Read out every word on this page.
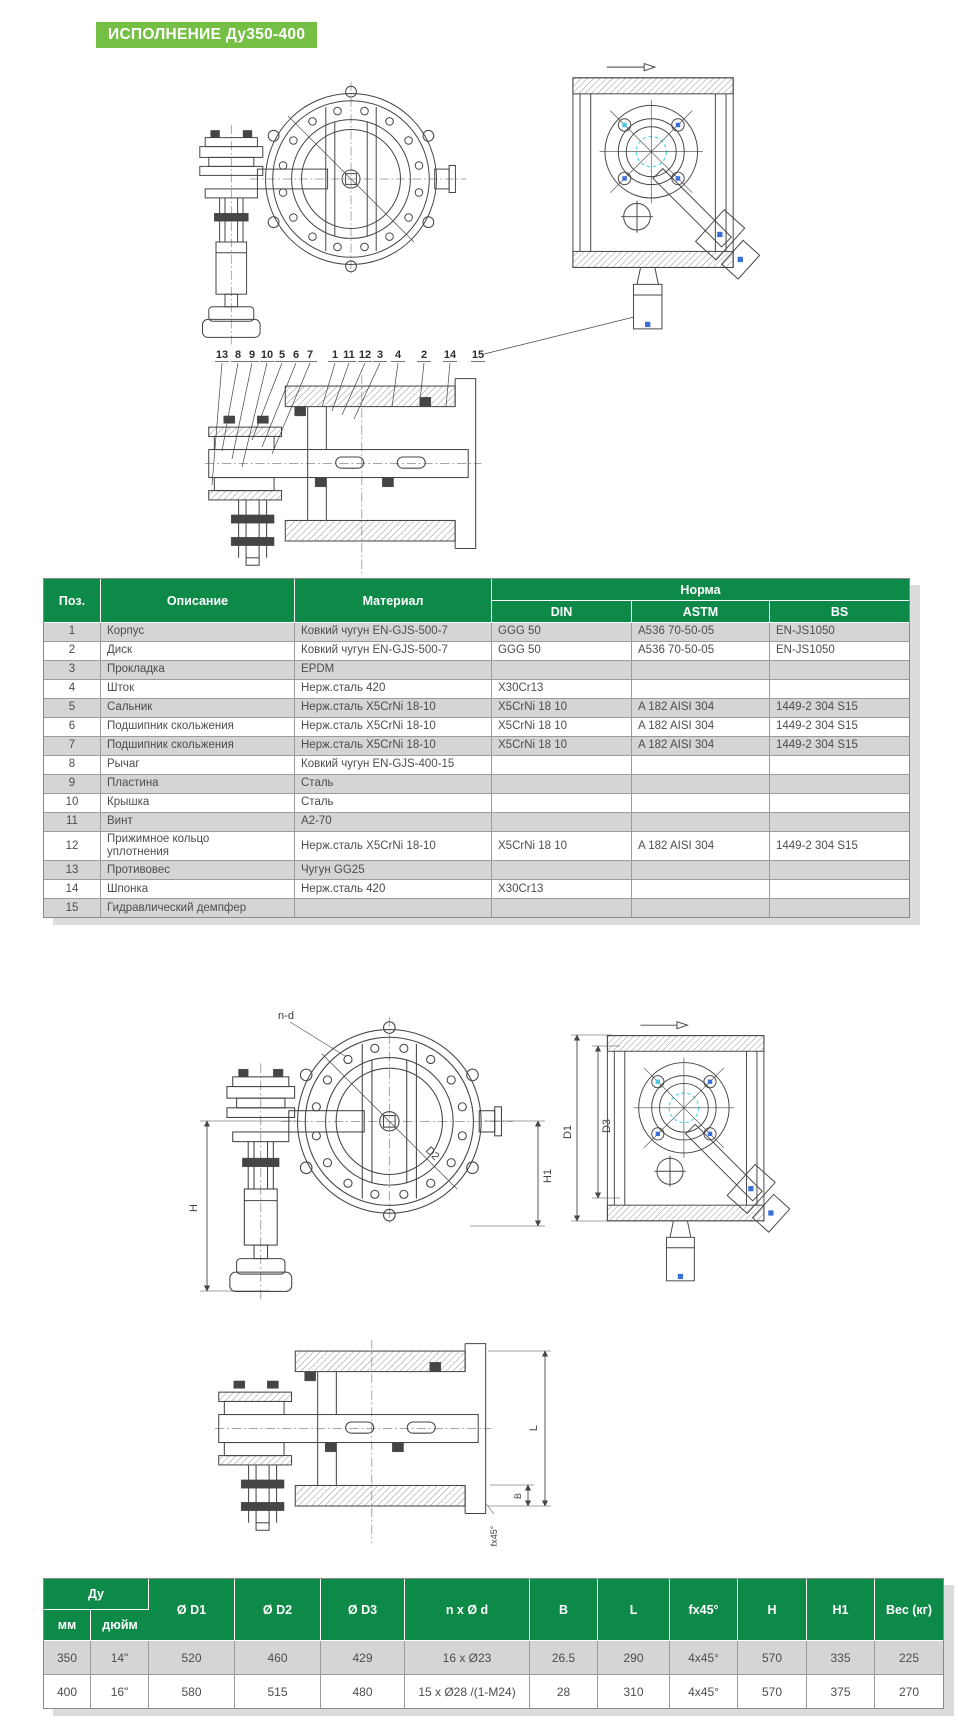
ИСПОЛНЕНИЕ Ду350-400
13 8 9 10 5 6 7 1 11 12 3 4 2 14 15
Поз.	Описание	Материал	Норма		
			DIN	ASTM	BS
1	Корпус	Ковкий чугун EN-GJS-500-7	GGG 50	A536 70-50-05	EN-JS1050
2	Диск	Ковкий чугун EN-GJS-500-7	GGG 50	A536 70-50-05	EN-JS1050
3	Прокладка	EPDM			
4	Шток	Нерж.сталь 420	X30Cr13		
5	Сальник	Нерж.сталь X5CrNi 18-10	X5CrNi 18 10	A 182 AISI 304	1449-2 304 S15
6	Подшипник скольжения	Нерж.сталь X5CrNi 18-10	X5CrNi 18 10	A 182 AISI 304	1449-2 304 S15
7	Подшипник скольжения	Нерж.сталь X5CrNi 18-10	X5CrNi 18 10	A 182 AISI 304	1449-2 304 S15
8	Рычаг	Ковкий чугун EN-GJS-400-15			
9	Пластина	Сталь			
10	Крышка	Сталь			
11	Винт	A2-70			
12	Прижимное кольцо уплотнения	Нерж.сталь X5CrNi 18-10	X5CrNi 18 10	A 182 AISI 304	1449-2 304 S15
13	Противовес	Чугун GG25			
14	Шпонка	Нерж.сталь 420	X30Cr13		
15	Гидравлический демпфер				
n-d
D2
H
H1
D1 D3
L
B
fx45°
Ду		Ø D1	Ø D2	Ø D3	n x Ø d	B	L	fx45°	H	H1	Вес (кг)
мм	дюйм										
350	14"	520	460	429	16 x Ø23	26.5	290	4x45°	570	335	225
400	16"	580	515	480	15 x Ø28 /(1-M24)	28	310	4x45°	570	375	270
